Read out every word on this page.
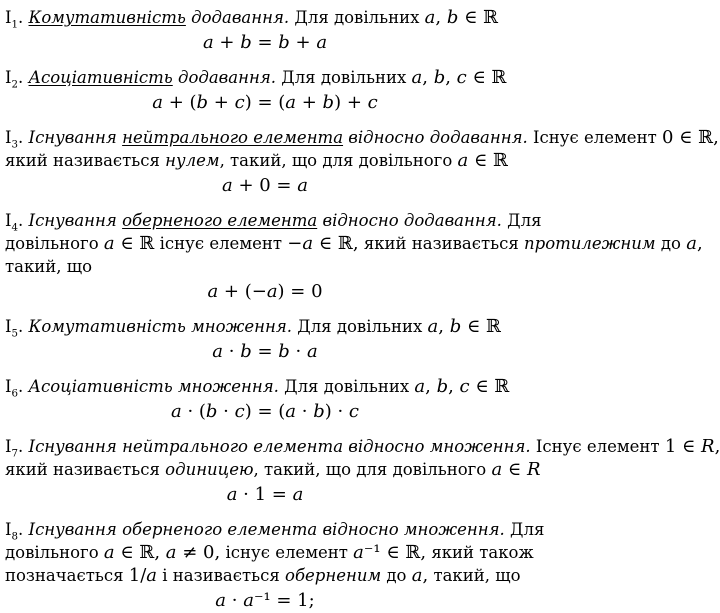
$I_1$. Комутативність додавання. Для довільних a, b ∈ ℝ
a + b = b + a
$I_2$. Асоціативність додавання. Для довільних a, b, c ∈ ℝ
a + (b + c) = (a + b) + c
$I_3$. Існування нейтрального елемента відносно додавання. Існує елемент 0 ∈ ℝ,
який називається нулем, такий, що для довільного a ∈ ℝ
a + 0 = a
$I_4$. Існування оберненого елемента відносно додавання. Для
довільного a ∈ ℝ існує елемент −a ∈ ℝ, який називається протилежним до a,
такий, що
a + (−a) = 0
$I_5$. Комутативність множення. Для довільних a, b ∈ ℝ
a · b = b · a
$I_6$. Асоціативність множення. Для довільних a, b, c ∈ ℝ
a · (b · c) = (a · b) · c
$I_7$. Існування нейтрального елемента відносно множення. Існує елемент 1 ∈ R,
який називається одиницею, такий, що для довільного a ∈ R
a · 1 = a
$I_8$. Існування оберненого елемента відносно множення. Для
довільного a ∈ ℝ, a ≠ 0, існує елемент a⁻¹ ∈ ℝ, який також
позначається 1/a і називається оберненим до a, такий, що
a · a⁻¹ = 1;
